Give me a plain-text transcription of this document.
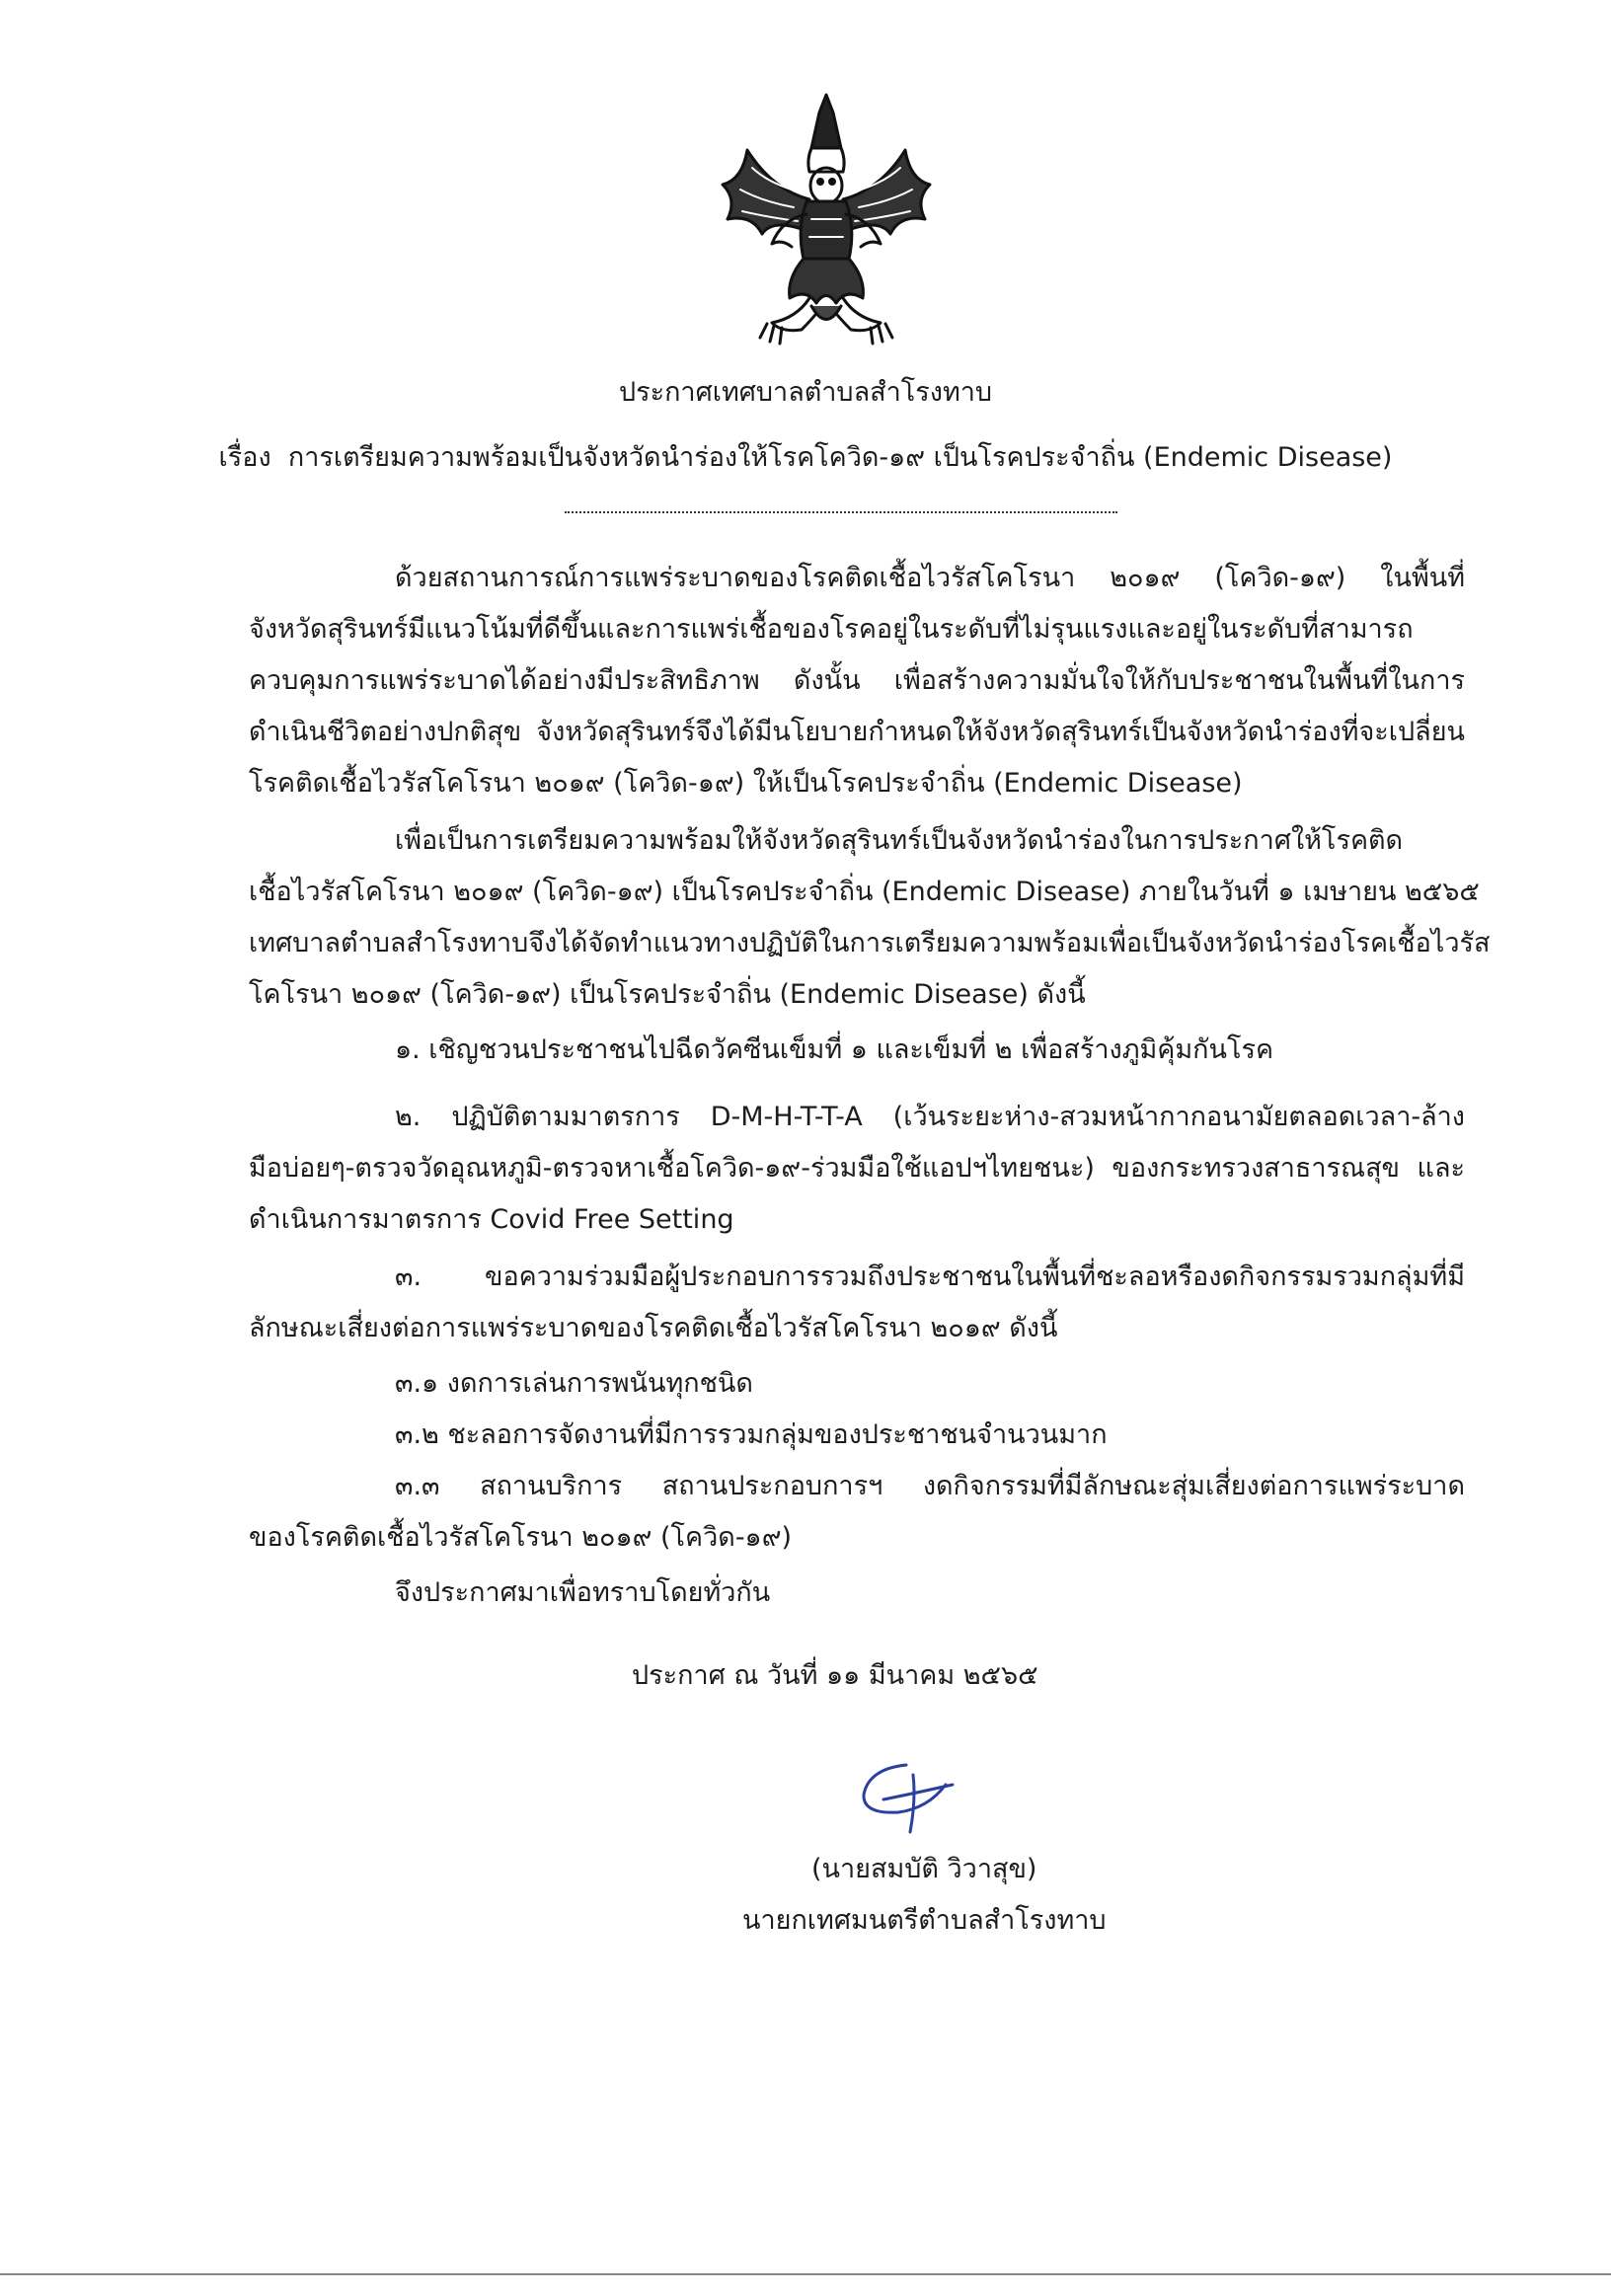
ประกาศเทศบาลตำบลสำโรงทาบ
เรื่อง การเตรียมความพร้อมเป็นจังหวัดนำร่องให้โรคโควิด-๑๙ เป็นโรคประจำถิ่น (Endemic Disease)
ด้วยสถานการณ์การแพร่ระบาดของโรคติดเชื้อไวรัสโคโรนา ๒๐๑๙ (โควิด-๑๙) ในพื้นที่
จังหวัดสุรินทร์มีแนวโน้มที่ดีขึ้นและการแพร่เชื้อของโรคอยู่ในระดับที่ไม่รุนแรงและอยู่ในระดับที่สามารถ
ควบคุมการแพร่ระบาดได้อย่างมีประสิทธิภาพ ดังนั้น เพื่อสร้างความมั่นใจให้กับประชาชนในพื้นที่ในการ
ดำเนินชีวิตอย่างปกติสุข จังหวัดสุรินทร์จึงได้มีนโยบายกำหนดให้จังหวัดสุรินทร์เป็นจังหวัดนำร่องที่จะเปลี่ยน
โรคติดเชื้อไวรัสโคโรนา ๒๐๑๙ (โควิด-๑๙) ให้เป็นโรคประจำถิ่น (Endemic Disease)
เพื่อเป็นการเตรียมความพร้อมให้จังหวัดสุรินทร์เป็นจังหวัดนำร่องในการประกาศให้โรคติด
เชื้อไวรัสโคโรนา ๒๐๑๙ (โควิด-๑๙) เป็นโรคประจำถิ่น (Endemic Disease) ภายในวันที่ ๑ เมษายน ๒๕๖๕
เทศบาลตำบลสำโรงทาบจึงได้จัดทำแนวทางปฏิบัติในการเตรียมความพร้อมเพื่อเป็นจังหวัดนำร่องโรคเชื้อไวรัส
โคโรนา ๒๐๑๙ (โควิด-๑๙) เป็นโรคประจำถิ่น (Endemic Disease) ดังนี้
๑. เชิญชวนประชาชนไปฉีดวัคซีนเข็มที่ ๑ และเข็มที่ ๒ เพื่อสร้างภูมิคุ้มกันโรค
๒. ปฏิบัติตามมาตรการ D-M-H-T-T-A (เว้นระยะห่าง-สวมหน้ากากอนามัยตลอดเวลา-ล้าง
มือบ่อยๆ-ตรวจวัดอุณหภูมิ-ตรวจหาเชื้อโควิด-๑๙-ร่วมมือใช้แอปฯไทยชนะ) ของกระทรวงสาธารณสุข และ
ดำเนินการมาตรการ Covid Free Setting
๓. ขอความร่วมมือผู้ประกอบการรวมถึงประชาชนในพื้นที่ชะลอหรืองดกิจกรรมรวมกลุ่มที่มี
ลักษณะเสี่ยงต่อการแพร่ระบาดของโรคติดเชื้อไวรัสโคโรนา ๒๐๑๙ ดังนี้
๓.๑ งดการเล่นการพนันทุกชนิด
๓.๒ ชะลอการจัดงานที่มีการรวมกลุ่มของประชาชนจำนวนมาก
๓.๓ สถานบริการ สถานประกอบการฯ งดกิจกรรมที่มีลักษณะสุ่มเสี่ยงต่อการแพร่ระบาด
ของโรคติดเชื้อไวรัสโคโรนา ๒๐๑๙ (โควิด-๑๙)
จึงประกาศมาเพื่อทราบโดยทั่วกัน
ประกาศ ณ วันที่ ๑๑ มีนาคม ๒๕๖๕
(นายสมบัติ วิวาสุข)
นายกเทศมนตรีตำบลสำโรงทาบ
